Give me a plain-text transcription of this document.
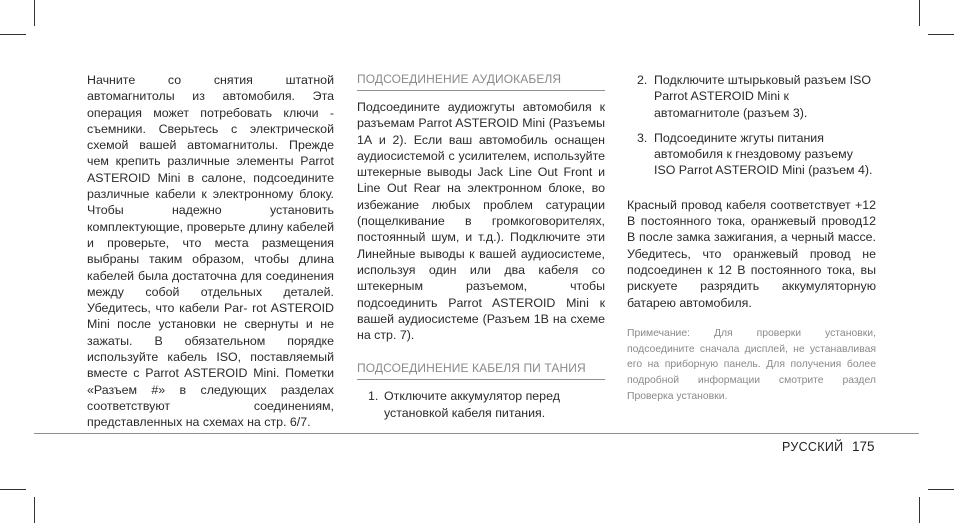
Начните со снятия штатной автомагнитолы из автомобиля. Эта операция может потребовать ключи - съемники. Сверьтесь с электрической схемой вашей автомагнитолы. Прежде чем крепить различные элементы Parrot ASTEROID Mini в салоне, подсоедините различные кабели к электронному блоку. Чтобы надежно установить комплектующие, проверьте длину кабелей и проверьте, что места размещения выбраны таким образом, чтобы длина кабелей была достаточна для соединения между собой отдельных деталей. Убедитесь, что кабели Par- rot ASTEROID Mini после установки не свернуты и не зажаты. В обязательном порядке используйте кабель ISO, поставляемый вместе с Parrot ASTEROID Mini. Пометки «Разъем #» в следующих разделах соответствуют соединениям, представленных на схемах на стр. 6/7.

ПОДСОЕДИНЕНИЕ АУДИОКАБЕЛЯ

Подсоедините аудиожгуты автомобиля к разъемам Parrot ASTEROID Mini (Разъемы 1А и 2). Если ваш автомобиль оснащен аудиосистемой с усилителем, используйте штекерные выводы Jack Line Out Front и Line Out Rear на электронном блоке, во избежание любых проблем сатурации (пощелкивание в громкоговорителях, постоянный шум, и т.д.). Подключите эти Линейные выводы к вашей аудиосистеме, используя один или два кабеля со штекерным разъемом, чтобы подсоединить Parrot ASTEROID Mini к вашей аудиосистеме (Разъем 1В на схеме на стр. 7).

ПОДСОЕДИНЕНИЕ КАБЕЛЯ ПИ ТАНИЯ
1. Отключите аккумулятор перед установкой кабеля питания.
2. Подключите штырьковый разъем ISO Parrot ASTEROID Mini к автомагнитоле (разъем 3).
3. Подсоедините жгуты питания автомобиля к гнездовому разъему ISO Parrot ASTEROID Mini (разъем 4).

Красный провод кабеля соответствует +12 В постоянного тока, оранжевый провод12 В после замка зажигания, а черный массе. Убедитесь, что оранжевый провод не подсоединен к 12 В постоянного тока, вы рискуете разрядить аккумуляторную батарею автомобиля.

Примечание: Для проверки установки, подсоедините сначала дисплей, не устанавливая его на приборную панель. Для получения более подробной информации смотрите раздел Проверка установки.

РУССКИЙ 175
